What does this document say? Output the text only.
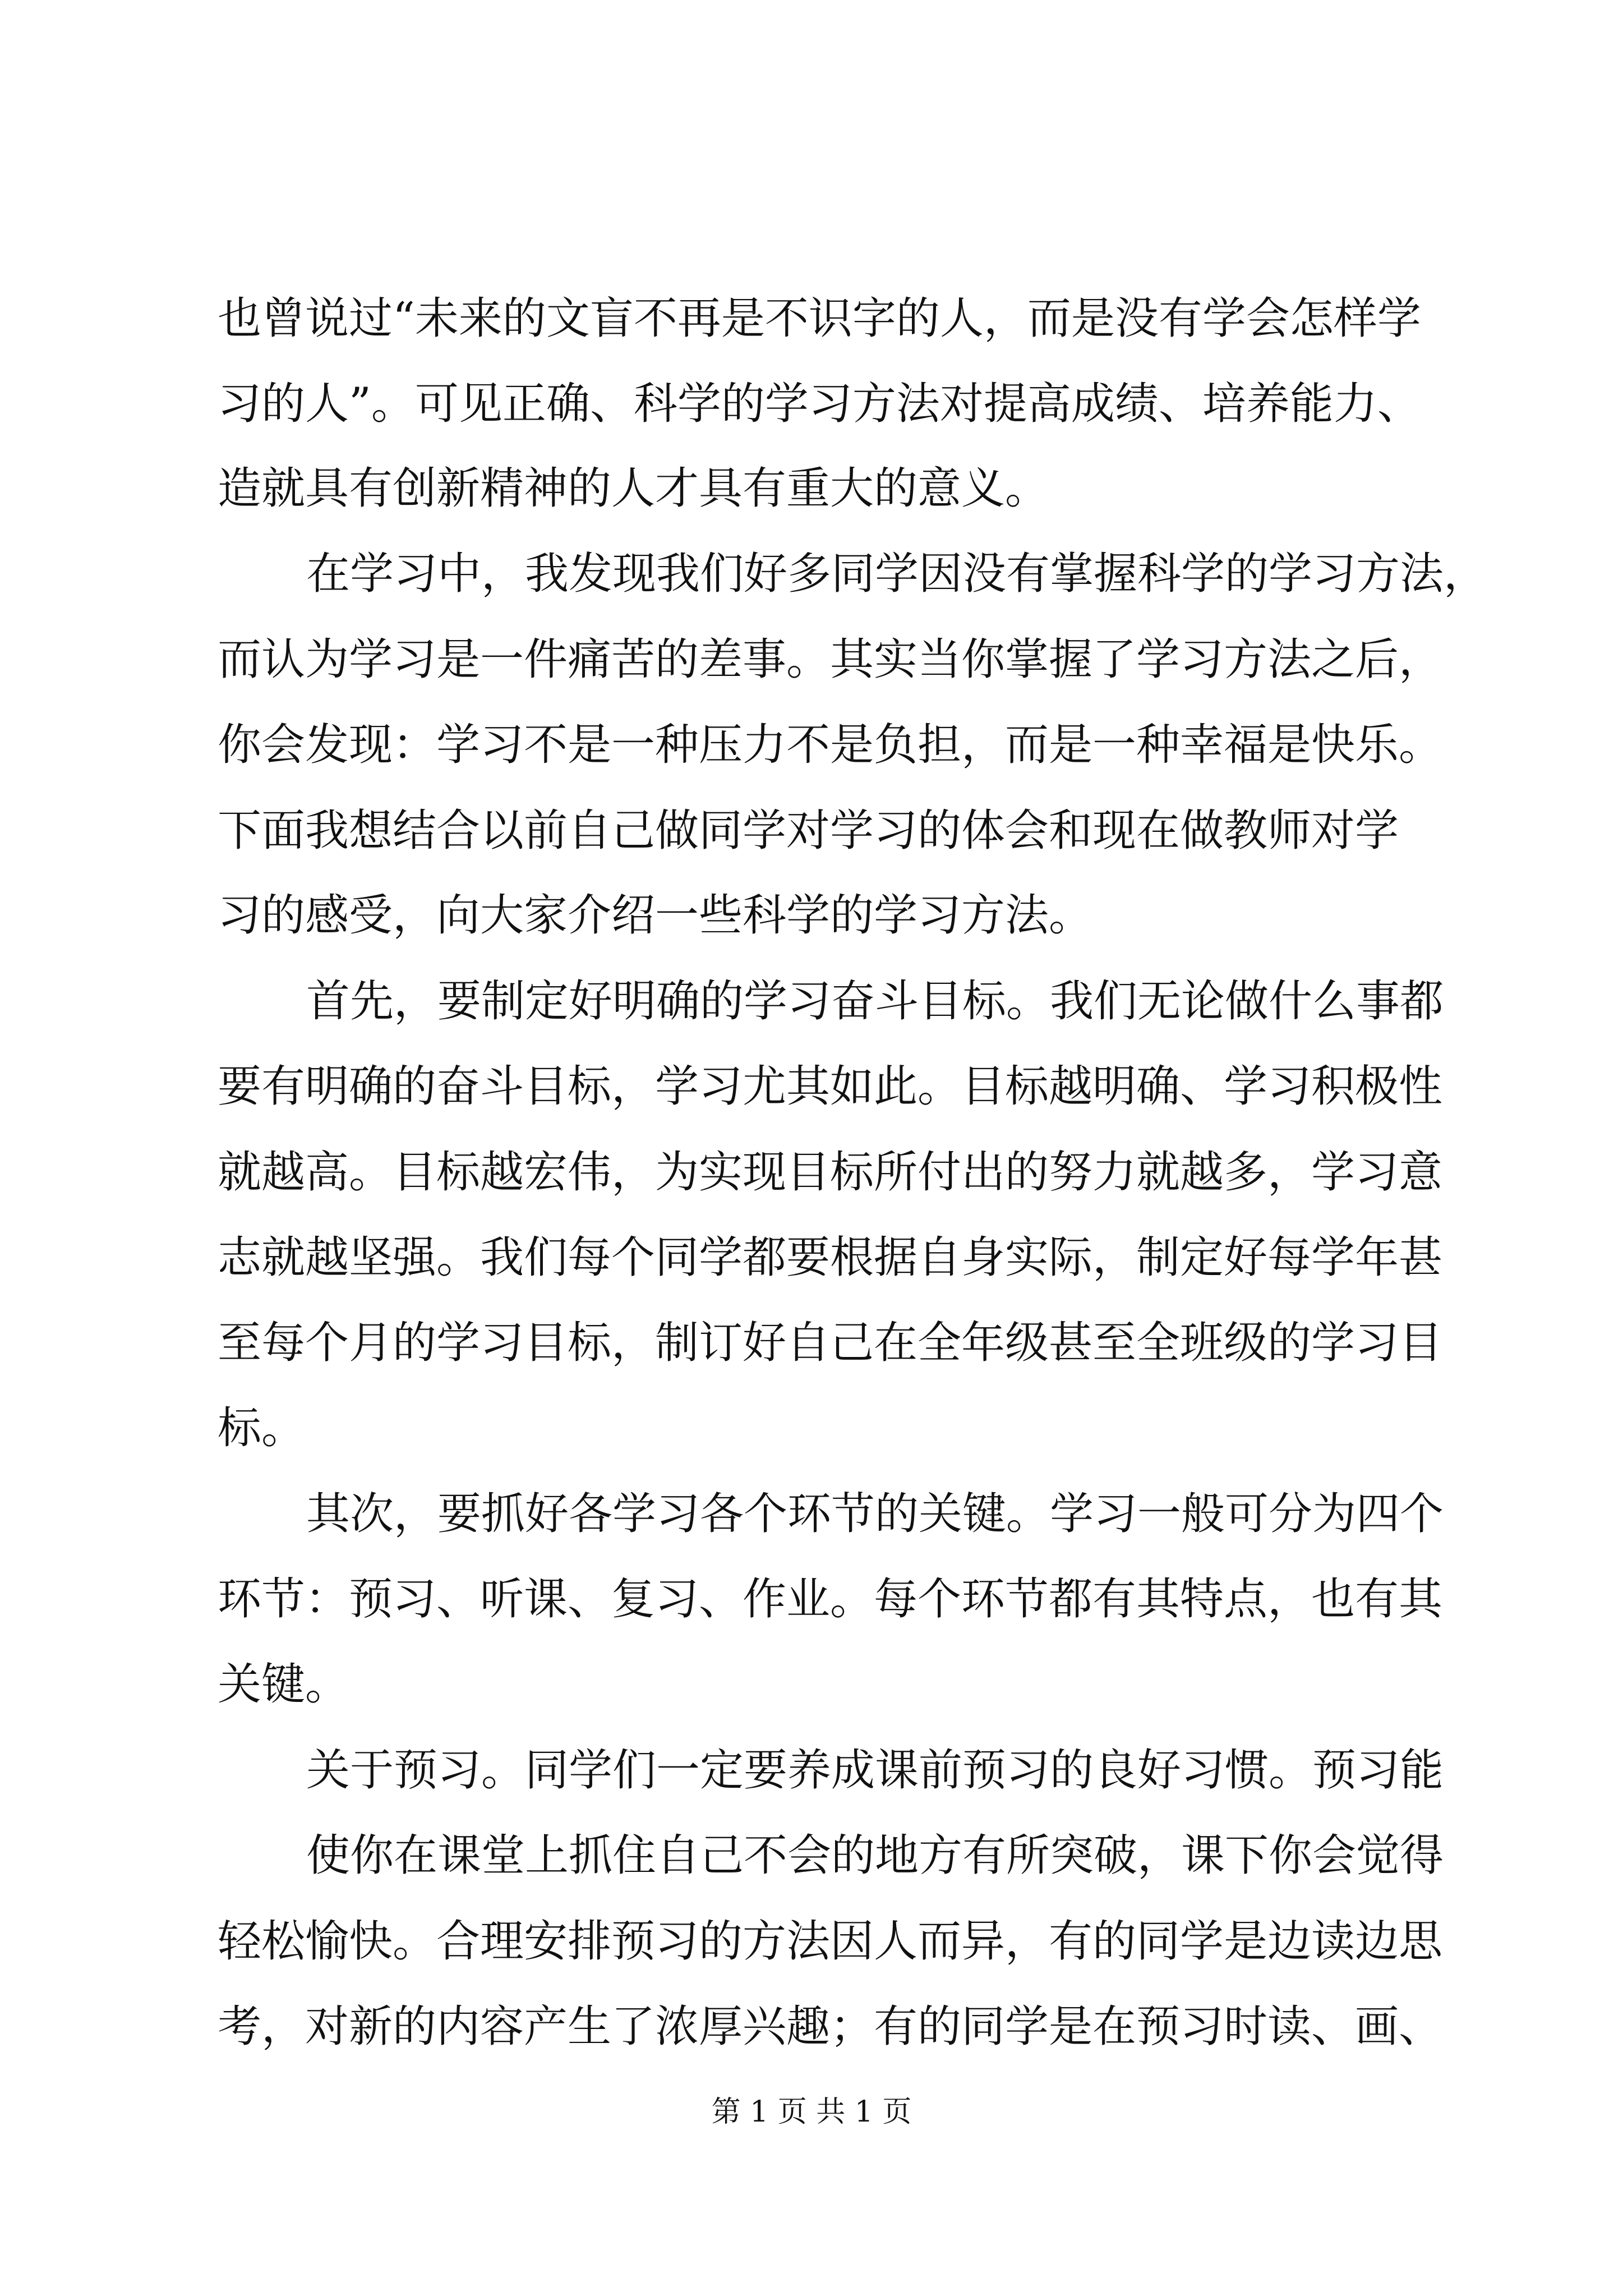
也曾说过“未来的文盲不再是不识字的人，而是没有学会怎样学
习的人”。可见正确、科学的学习方法对提高成绩、培养能力、
造就具有创新精神的人才具有重大的意义。
在学习中，我发现我们好多同学因没有掌握科学的学习方法，
而认为学习是一件痛苦的差事。其实当你掌握了学习方法之后，
你会发现：学习不是一种压力不是负担，而是一种幸福是快乐。
下面我想结合以前自己做同学对学习的体会和现在做教师对学
习的感受，向大家介绍一些科学的学习方法。
首先，要制定好明确的学习奋斗目标。我们无论做什么事都
要有明确的奋斗目标，学习尤其如此。目标越明确、学习积极性
就越高。目标越宏伟，为实现目标所付出的努力就越多，学习意
志就越坚强。我们每个同学都要根据自身实际，制定好每学年甚
至每个月的学习目标，制订好自己在全年级甚至全班级的学习目
标。
其次，要抓好各学习各个环节的关键。学习一般可分为四个
环节：预习、听课、复习、作业。每个环节都有其特点，也有其
关键。
关于预习。同学们一定要养成课前预习的良好习惯。预习能
使你在课堂上抓住自己不会的地方有所突破，课下你会觉得
轻松愉快。合理安排预习的方法因人而异，有的同学是边读边思
考，对新的内容产生了浓厚兴趣；有的同学是在预习时读、画、
第 1 页 共 1 页
